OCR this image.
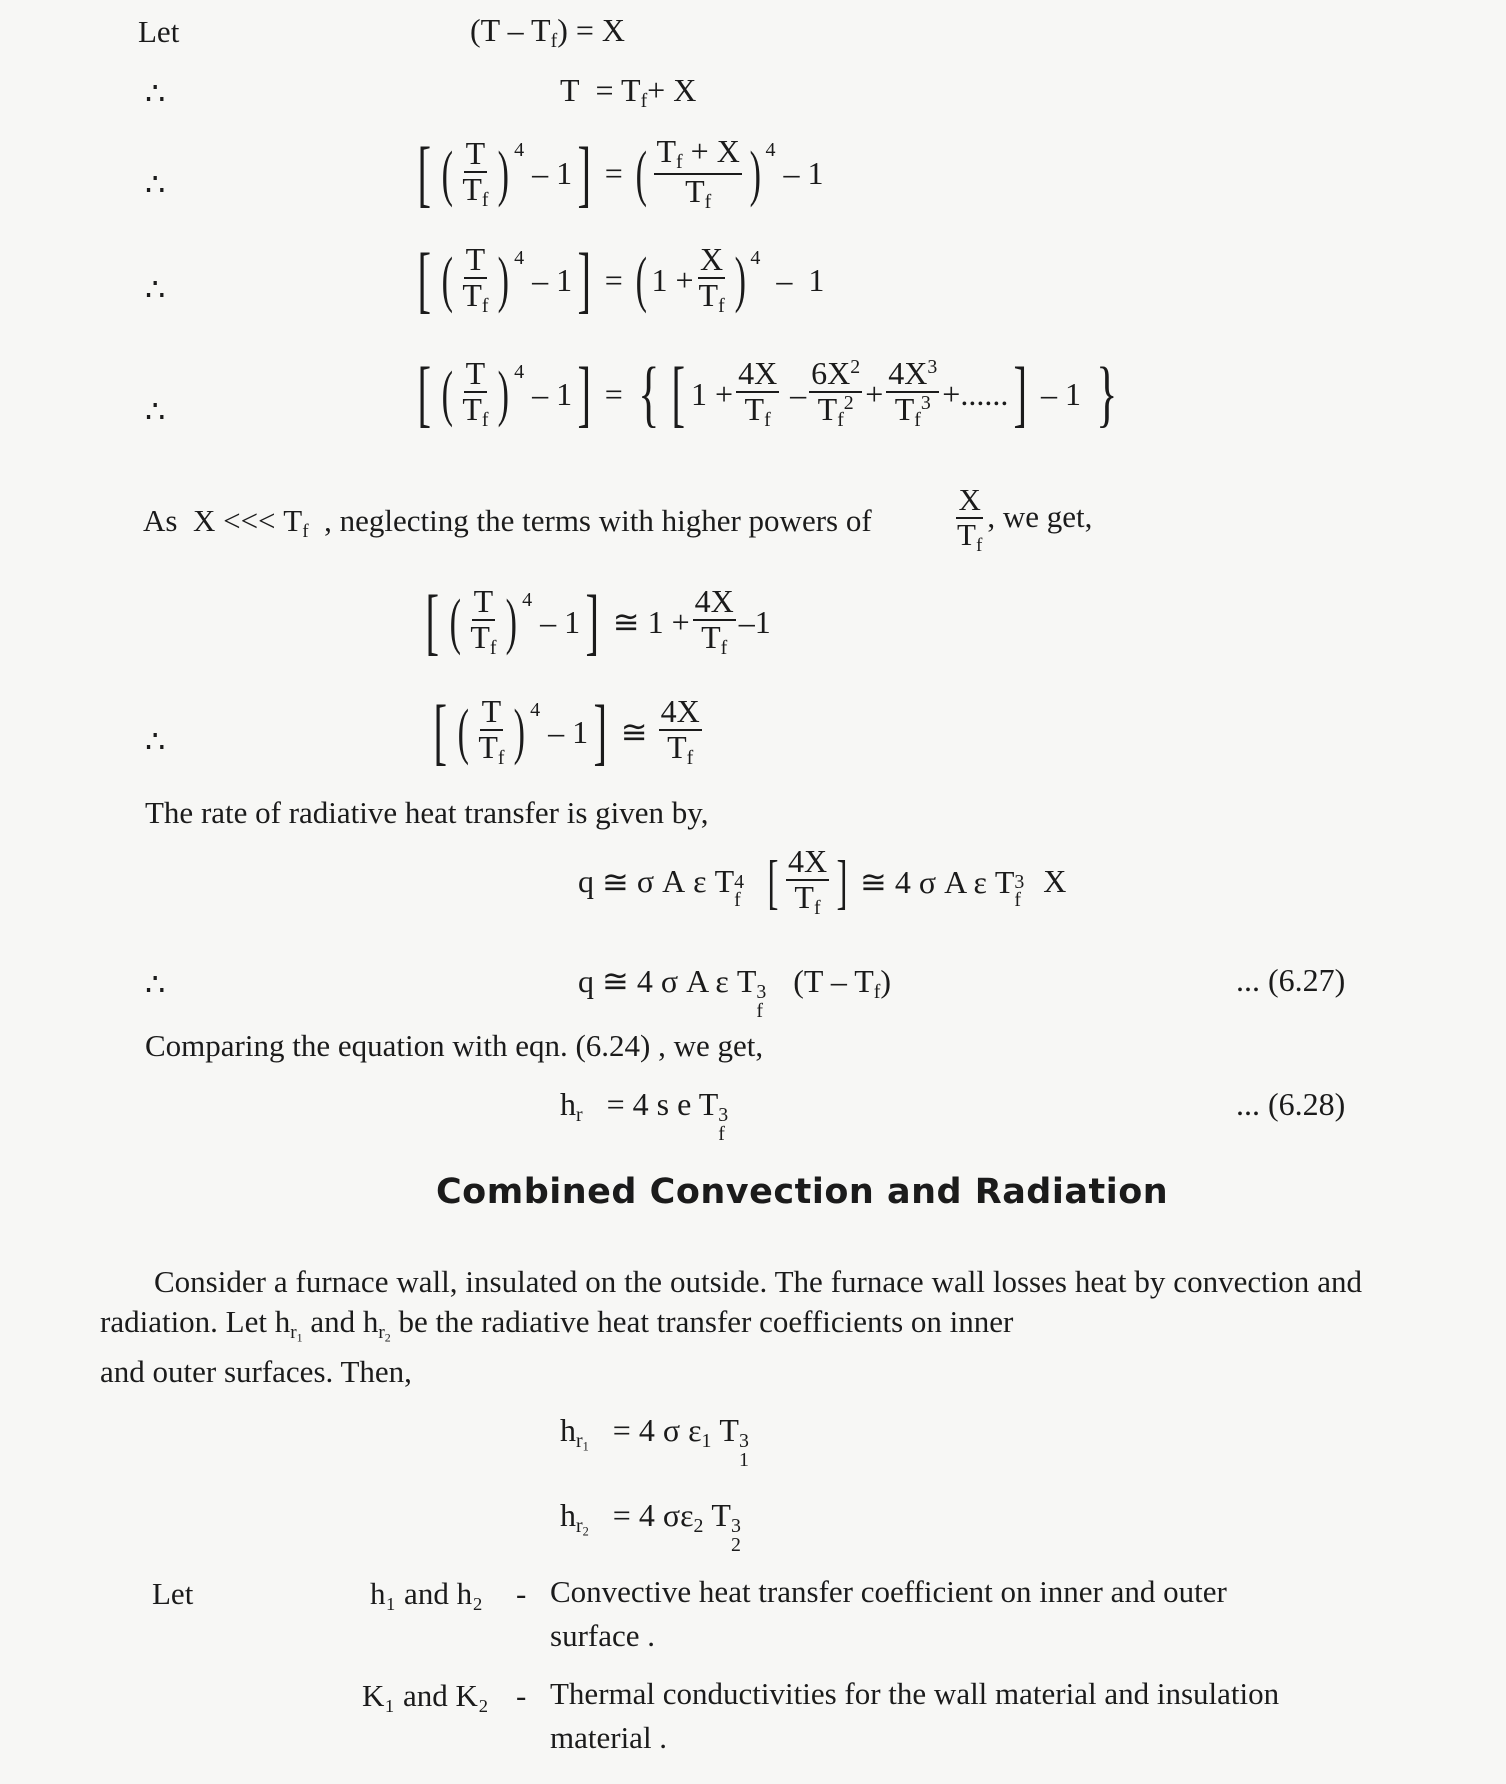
Let	$(T - T_f) = X$
∴	$T = T_f+ X$
∴	[ ( $\frac{T}{T_f}$ ) 4

–
1 ]
=
( $\frac{T_f + X}{T_f}$ ) 4

–
1
∴	[ ( $\frac{T}{T_f}$ ) 4

–
1 ]
=
( 1
+ $\frac{X}{T_f}$ ) 4

–
1
∴	[ ( $\frac{T}{T_f}$ ) 4

–
1 ]
=
{ [ 1
+ $\frac{4X}{T_f}$
– $\frac{6X^2}{T_f^2} + \frac{4X^3}{T_f^3}$ + ...... ]
–
1
}
As X <<< $T_f$  , neglecting the terms with higher powers of	$\frac{X}{T_f}$ , we get,
[ ( $\frac{T}{T_f}$ ) 4

–
1 ]
≅
1
+ $\frac{4X}{T_f} - 1$
∴	[ ( $\frac{T}{T_f}$ ) 4

–
1 ]
≅
$\frac{4X}{T_f}$
The rate of radiative heat transfer is given by,
q
≅
σ
A
ε
T 4
f [ $\frac{4X}{T_f}$ ]
≅ 4 σ A ε T 3
f
X
∴	q ≅ 4 σ A ε T 3
f
$(T - T_f)$	... (6.27)
Comparing the equation with eqn. (6.24) , we get,
$h_r = 4$ s e T 3
f
... (6.28)
Combined Convection and Radiation
Consider a furnace wall, insulated on the outside. The furnace wall losses heat by convection and radiation. Let $h_{r_1}$ and $h_{r_2}$ be the radiative heat transfer coefficients on inner
and outer surfaces. Then,
$h_{r_1} = 4$ σ $\varepsilon_1$ T 3
1
$h_{r_2} = 4$ $\sigma\varepsilon_2$ T 3
2
Let	h₁ and h₂ - Convective heat transfer coefficient on inner and outer
surface .
K₁ and K₂ - Thermal conductivities for the wall material and insulation
material .
